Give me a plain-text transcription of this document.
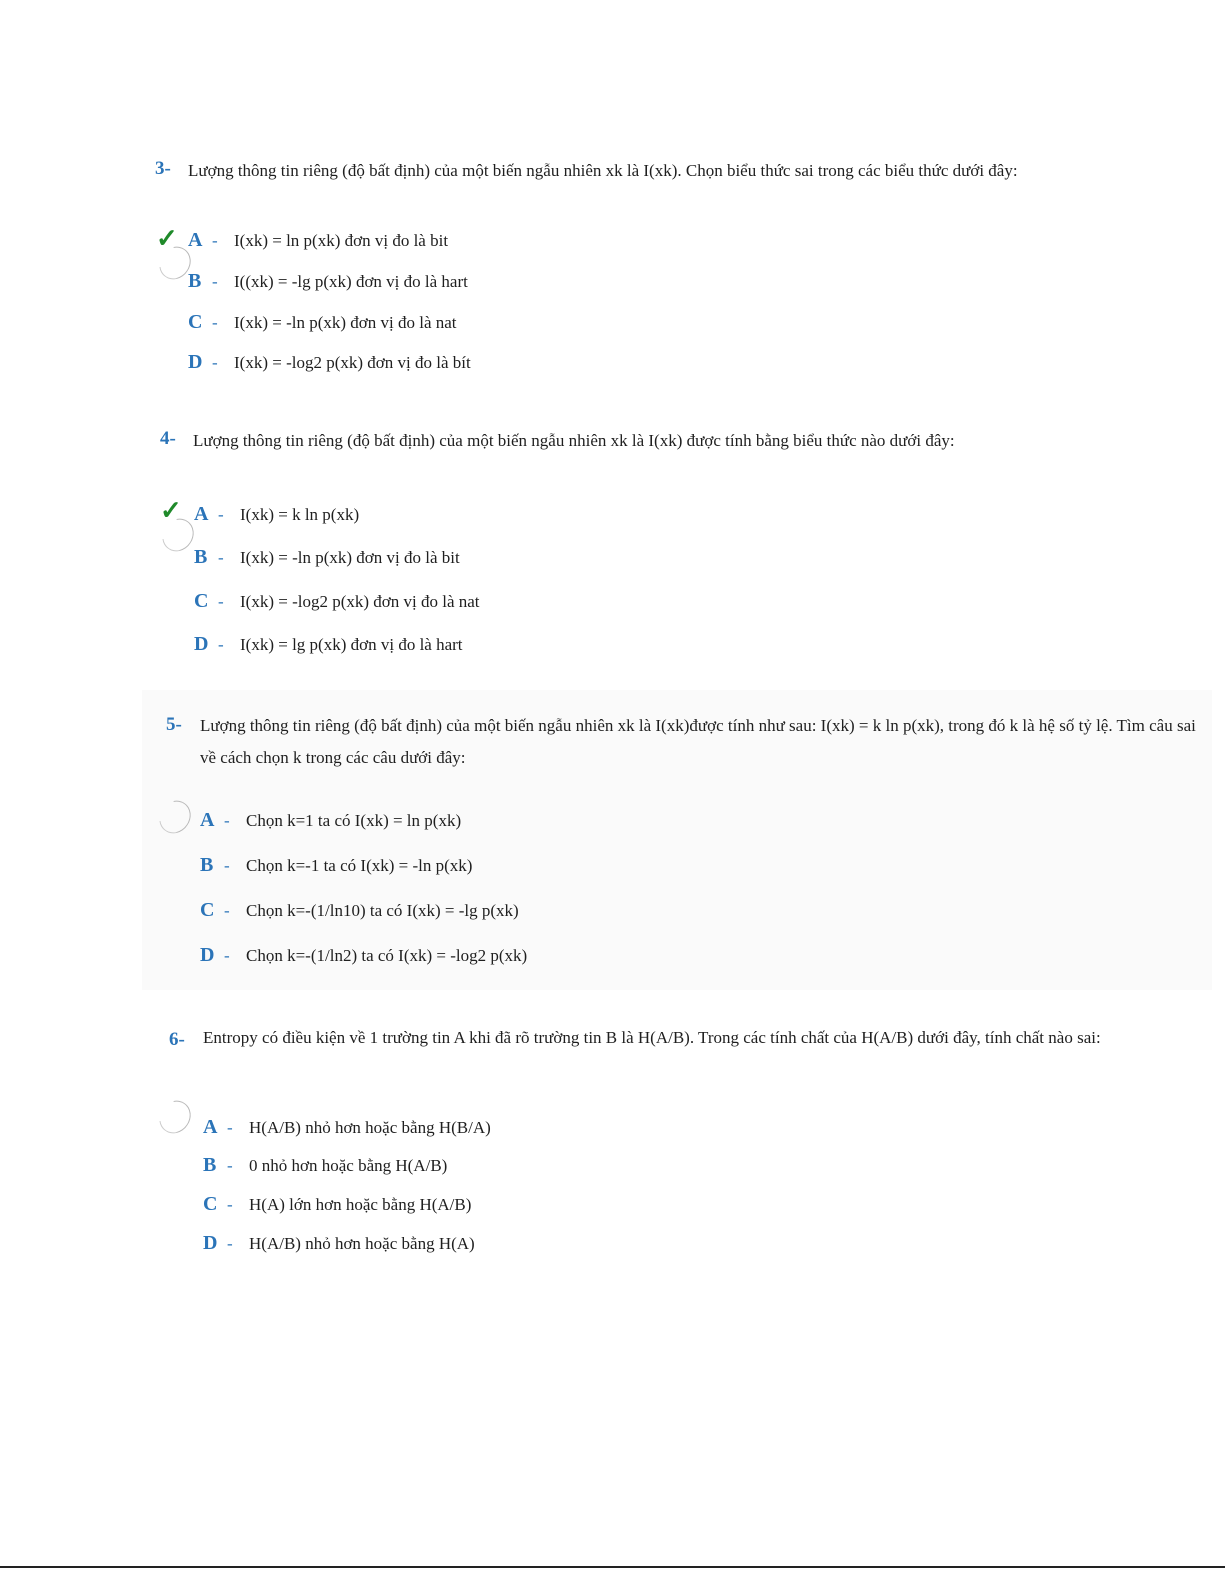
3- Lượng thông tin riêng (độ bất định) của một biến ngẫu nhiên xk là I(xk). Chọn biểu thức sai trong các biểu thức dưới đây:
✓ A - I(xk) = ln p(xk) đơn vị đo là bit
B - I((xk) = -lg p(xk) đơn vị đo là hart
C - I(xk) = -ln p(xk) đơn vị đo là nat
D - I(xk) = -log2 p(xk) đơn vị đo là bít
4- Lượng thông tin riêng (độ bất định) của một biến ngẫu nhiên xk là I(xk) được tính bằng biểu thức nào dưới đây:
✓ A - I(xk) = k ln p(xk)
B - I(xk) = -ln p(xk) đơn vị đo là bit
C - I(xk) = -log2 p(xk) đơn vị đo là nat
D - I(xk) = lg p(xk) đơn vị đo là hart
5- Lượng thông tin riêng (độ bất định) của một biến ngẫu nhiên xk là I(xk)được tính như sau: I(xk) = k ln p(xk), trong đó k là hệ số tỷ lệ. Tìm câu sai về cách chọn k trong các câu dưới đây:
A - Chọn k=1 ta có I(xk) = ln p(xk)
B - Chọn k=-1 ta có I(xk) = -ln p(xk)
C - Chọn k=-(1/ln10) ta có I(xk) = -lg p(xk)
D - Chọn k=-(1/ln2) ta có I(xk) = -log2 p(xk)
6- Entropy có điều kiện về 1 trường tin A khi đã rõ trường tin B là H(A/B). Trong các tính chất của H(A/B) dưới đây, tính chất nào sai:
A - H(A/B) nhỏ hơn hoặc bằng H(B/A)
B - 0 nhỏ hơn hoặc bằng H(A/B)
C - H(A) lớn hơn hoặc bằng H(A/B)
D - H(A/B) nhỏ hơn hoặc bằng H(A)
